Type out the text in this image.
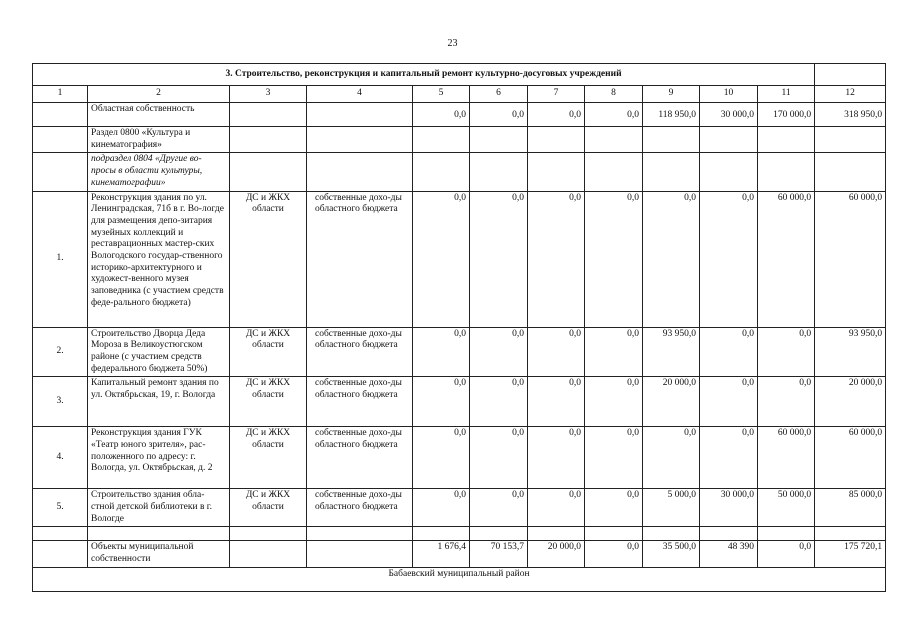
23
3. Строительство, реконструкция и капитальный ремонт культурно-досуговых учреждений											
1	2	3	4	5	6	7	8	9	10	11	12
	Областная собственность			0,0	0,0	0,0	0,0	118 950,0	30 000,0	170 000,0	318 950,0
	Раздел 0800 «Культура и кинематография»										
	подраздел 0804 «Другие во-просы в области культуры, кинематографии»										
1.	Реконструкция здания по ул. Ленинградская, 71б в г. Во-логде для размещения депо-зитария музейных коллекций и реставрационных мастер-ских Вологодского государ-ственного историко-архитектурного и художест-венного музея заповедника (с участием средств феде-рального бюджета)	ДС и ЖКХ области	собственные дохо-ды областного бюджета	0,0	0,0	0,0	0,0	0,0	0,0	60 000,0	60 000,0
2.	Строительство Дворца Деда Мороза в Великоустюгском районе (с участием средств федерального бюджета 50%)	ДС и ЖКХ области	собственные дохо-ды областного бюджета	0,0	0,0	0,0	0,0	93 950,0	0,0	0,0	93 950,0
3.	Капитальный ремонт здания по ул. Октябрьская, 19, г. Вологда	ДС и ЖКХ области	собственные дохо-ды областного бюджета	0,0	0,0	0,0	0,0	20 000,0	0,0	0,0	20 000,0
4.	Реконструкция здания ГУК «Театр юного зрителя», рас-положенного по адресу: г. Вологда, ул. Октябрьская, д. 2	ДС и ЖКХ области	собственные дохо-ды областного бюджета	0,0	0,0	0,0	0,0	0,0	0,0	60 000,0	60 000,0
5.	Строительство здания обла-стной детской библиотеки в г. Вологде	ДС и ЖКХ области	собственные дохо-ды областного бюджета	0,0	0,0	0,0	0,0	5 000,0	30 000,0	50 000,0	85 000,0

	Объекты муниципальной собственности			1 676,4	70 153,7	20 000,0	0,0	35 500,0	48 390	0,0	175 720,1
Бабаевский муниципальный район											
